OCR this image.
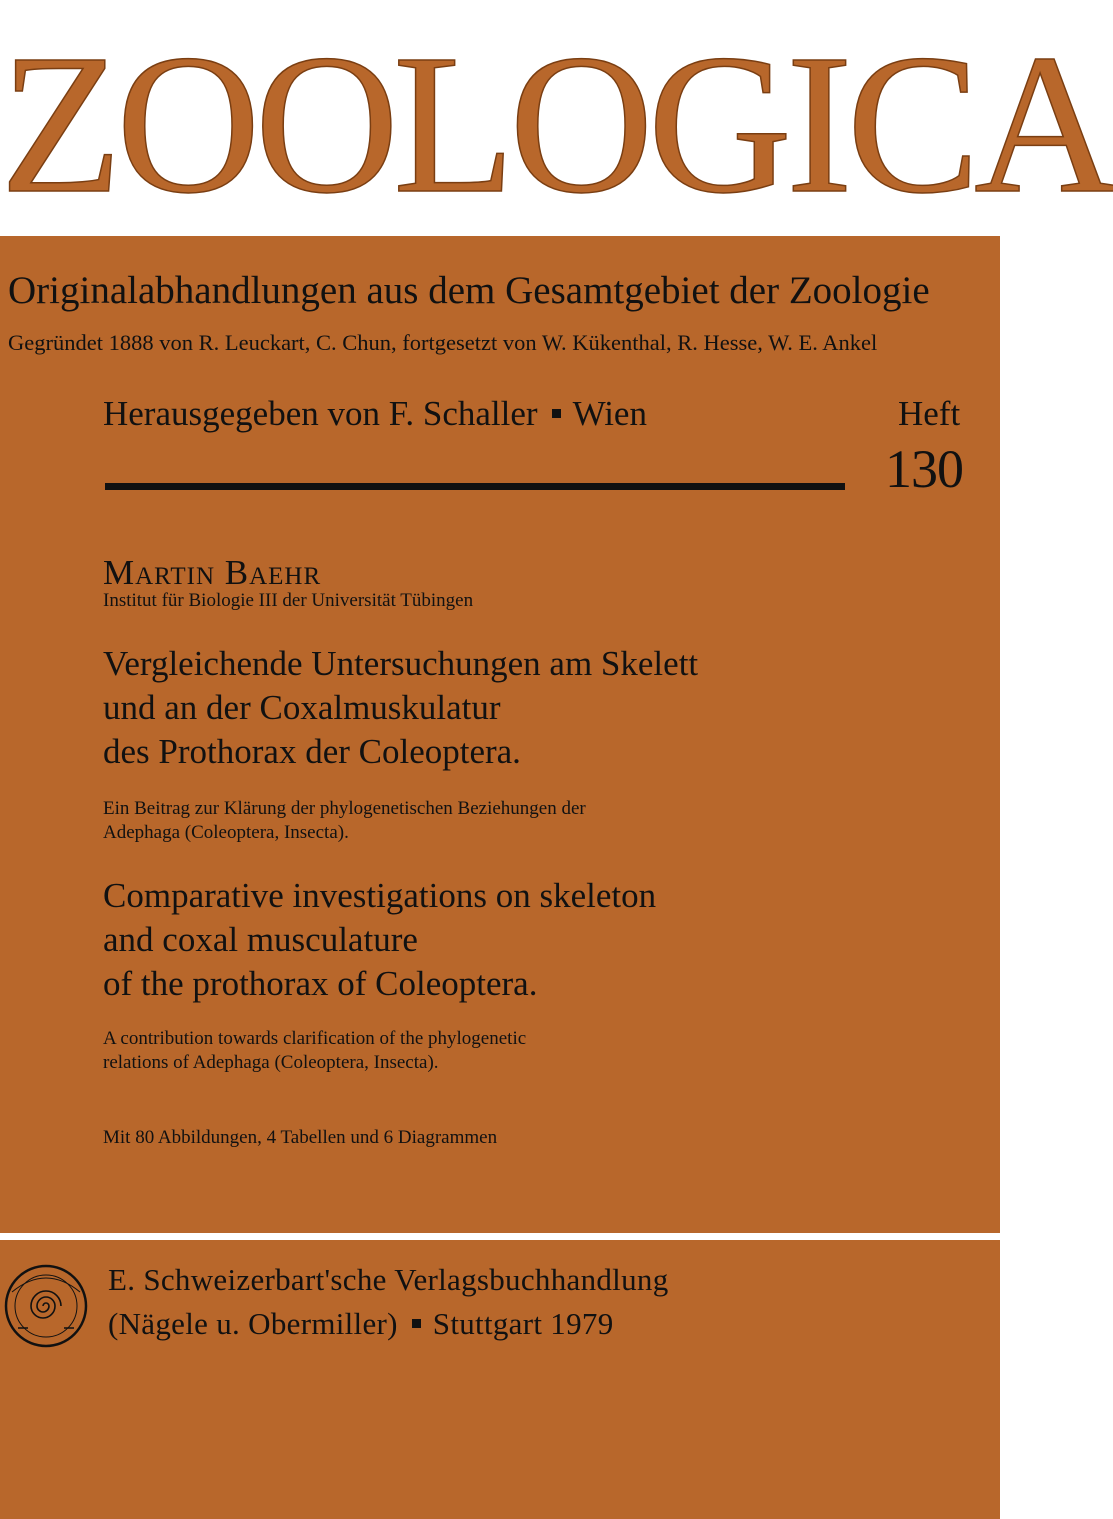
ZOOLOGICA
Originalabhandlungen aus dem Gesamtgebiet der Zoologie
Gegründet 1888 von R. Leuckart, C. Chun, fortgesetzt von W. Kükenthal, R. Hesse, W. E. Ankel
Herausgegeben von F. Schaller Wien	Heft
130
Martin Baehr
Institut für Biologie III der Universität Tübingen
Vergleichende Untersuchungen am Skelett
und an der Coxalmuskulatur
des Prothorax der Coleoptera.
Ein Beitrag zur Klärung der phylogenetischen Beziehungen der
Adephaga (Coleoptera, Insecta).
Comparative investigations on skeleton
and coxal musculature
of the prothorax of Coleoptera.
A contribution towards clarification of the phylogenetic
relations of Adephaga (Coleoptera, Insecta).
Mit 80 Abbildungen, 4 Tabellen und 6 Diagrammen
E. Schweizerbart'sche Verlagsbuchhandlung
(Nägele u. Obermiller) Stuttgart 1979
